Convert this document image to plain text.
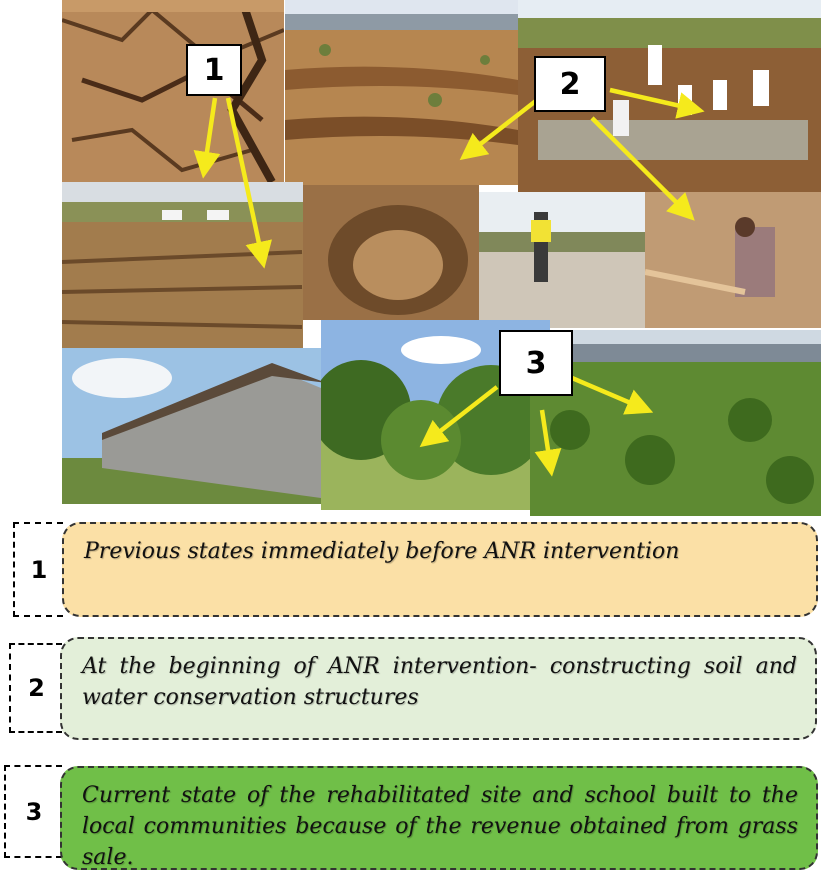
1	2
3
1
Previous states immediately before ANR intervention
2
At the beginning of ANR intervention- constructing soil and water conservation structures
3
Current state of the rehabilitated site and school built to the local communities because of the revenue obtained from grass sale.
